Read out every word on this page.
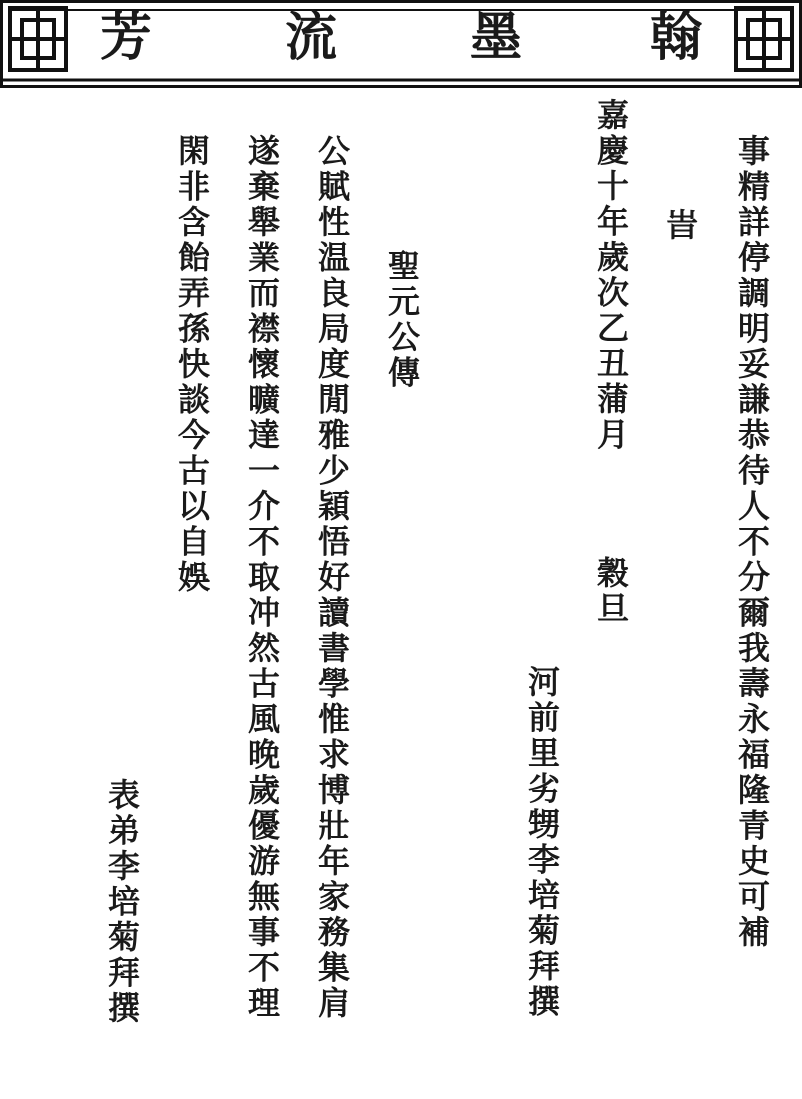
芳	流	墨 翰
事精詳停調明妥謙恭待人不分爾我壽永福隆青史可補
旹
嘉慶十年歲次乙丑蒲月
穀旦
河前里劣甥李培菊拜撰
公賦性温良局度閒雅少穎悟好讀書學惟求博壯年家務集肩 聖元公傳
遂棄舉業而襟懷曠達一介不取冲然古風晚歲優游無事不理
閑非含飴弄孫快談今古以自娛
表弟李培菊拜撰
